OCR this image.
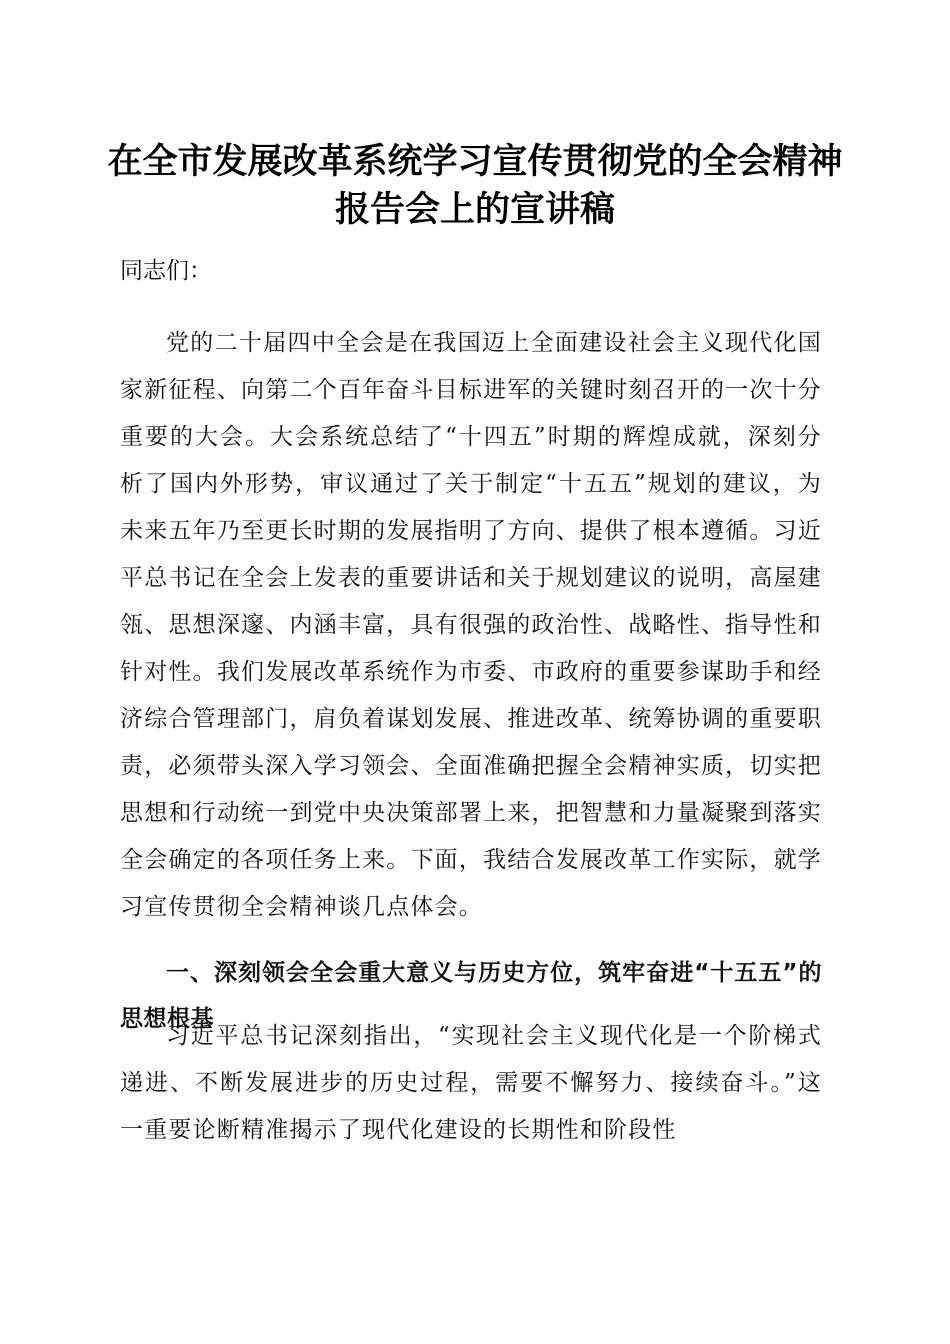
在全市发展改革系统学习宣传贯彻党的全会精神报告会上的宣讲稿

同志们：

党的二十届四中全会是在我国迈上全面建设社会主义现代化国家新征程、向第二个百年奋斗目标进军的关键时刻召开的一次十分重要的大会。大会系统总结了“十四五”时期的辉煌成就，深刻分析了国内外形势，审议通过了关于制定“十五五”规划的建议，为未来五年乃至更长时期的发展指明了方向、提供了根本遵循。习近平总书记在全会上发表的重要讲话和关于规划建议的说明，高屋建瓴、思想深邃、内涵丰富，具有很强的政治性、战略性、指导性和针对性。我们发展改革系统作为市委、市政府的重要参谋助手和经济综合管理部门，肩负着谋划发展、推进改革、统筹协调的重要职责，必须带头深入学习领会、全面准确把握全会精神实质，切实把思想和行动统一到党中央决策部署上来，把智慧和力量凝聚到落实全会确定的各项任务上来。下面，我结合发展改革工作实际，就学习宣传贯彻全会精神谈几点体会。

一、深刻领会全会重大意义与历史方位，筑牢奋进“十五五”的思想根基

习近平总书记深刻指出，“实现社会主义现代化是一个阶梯式递进、不断发展进步的历史过程，需要不懈努力、接续奋斗。”这一重要论断精准揭示了现代化建设的长期性和阶段性
